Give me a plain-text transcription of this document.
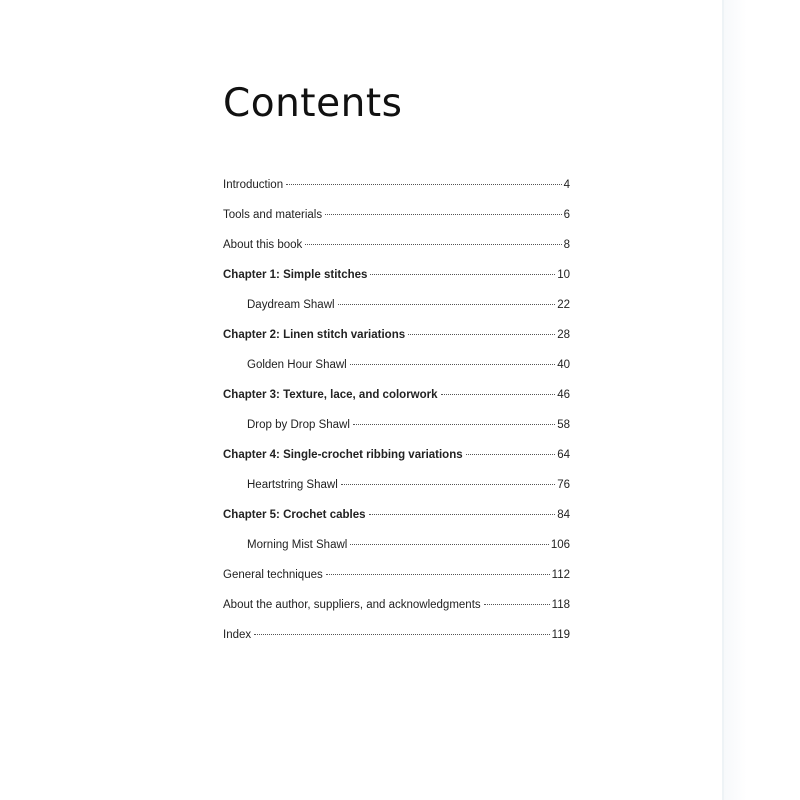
Contents
Introduction	4
Tools and materials	6
About this book	8
Chapter 1: Simple stitches	10
Daydream Shawl	22
Chapter 2: Linen stitch variations	28
Golden Hour Shawl	40
Chapter 3: Texture, lace, and colorwork	46
Drop by Drop Shawl	58
Chapter 4: Single-crochet ribbing variations	64
Heartstring Shawl	76
Chapter 5: Crochet cables	84
Morning Mist Shawl	106
General techniques	112
About the author, suppliers, and acknowledgments	118
Index	119
